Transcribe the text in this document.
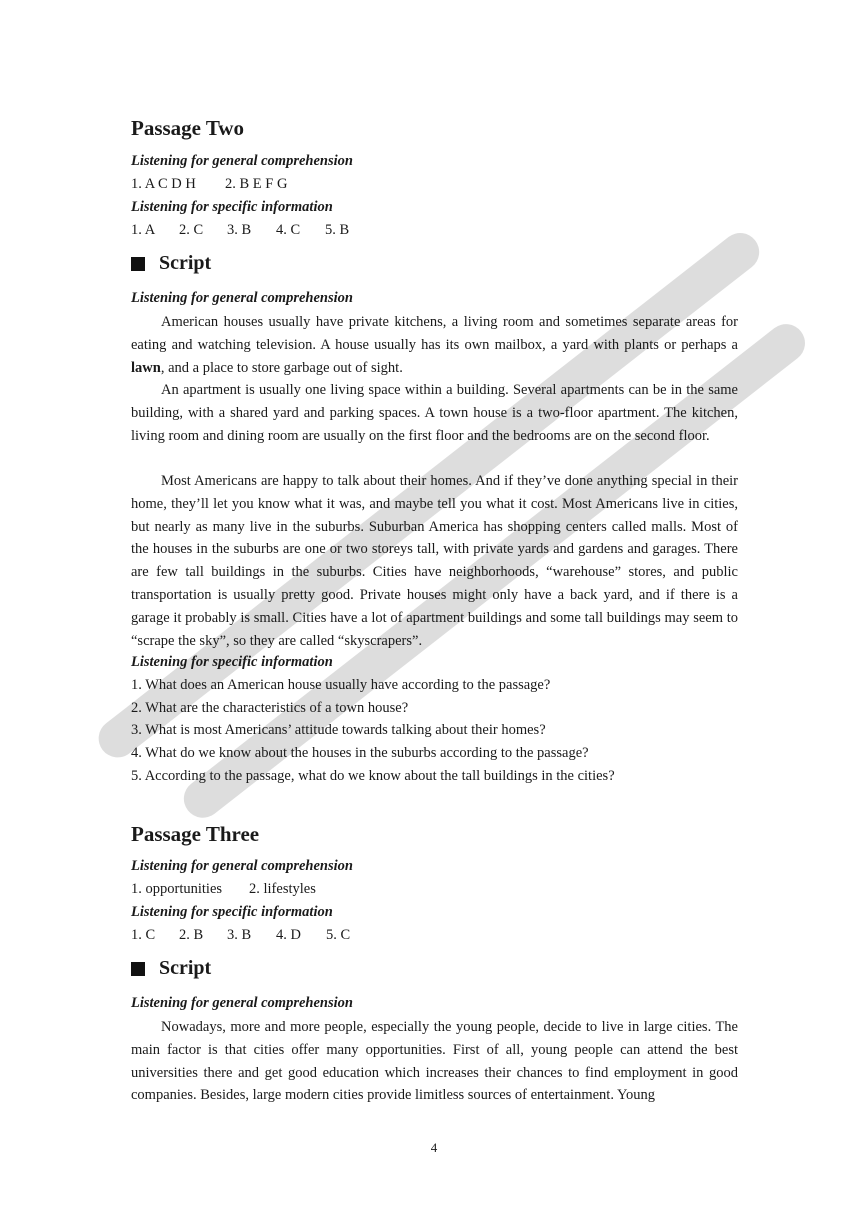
Passage Two
Listening for general comprehension
1. A C D H 2. B E F G
Listening for specific information
1. A 2. C 3. B 4. C 5. B
Script
Listening for general comprehension

American houses usually have private kitchens, a living room and sometimes separate areas for eating and watching television. A house usually has its own mailbox, a yard with plants or perhaps a lawn, and a place to store garbage out of sight.

An apartment is usually one living space within a building. Several apartments can be in the same building, with a shared yard and parking spaces. A town house is a two-floor apartment. The kitchen, living room and dining room are usually on the first floor and the bedrooms are on the second floor.

Most Americans are happy to talk about their homes. And if they’ve done anything special in their home, they’ll let you know what it was, and maybe tell you what it cost. Most Americans live in cities, but nearly as many live in the suburbs. Suburban America has shopping centers called malls. Most of the houses in the suburbs are one or two storeys tall, with private yards and gardens and garages. There are few tall buildings in the suburbs. Cities have neighborhoods, “warehouse” stores, and public transportation is usually pretty good. Private houses might only have a back yard, and if there is a garage it probably is small. Cities have a lot of apartment buildings and some tall buildings may seem to “scrape the sky”, so they are called “skyscrapers”.

Listening for specific information
1. What does an American house usually have according to the passage?
2. What are the characteristics of a town house?
3. What is most Americans’ attitude towards talking about their homes?
4. What do we know about the houses in the suburbs according to the passage?
5. According to the passage, what do we know about the tall buildings in the cities?
Passage Three
Listening for general comprehension
1. opportunities 2. lifestyles
Listening for specific information
1. C 2. B 3. B 4. D 5. C
Script
Listening for general comprehension

Nowadays, more and more people, especially the young people, decide to live in large cities. The main factor is that cities offer many opportunities. First of all, young people can attend the best universities there and get good education which increases their chances to find employment in good companies. Besides, large modern cities provide limitless sources of entertainment. Young

4
